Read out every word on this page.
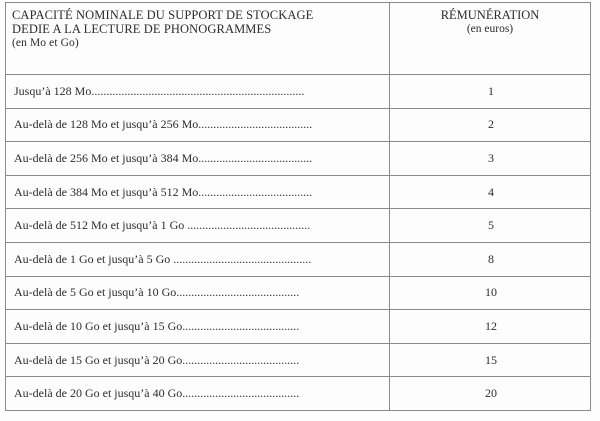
CAPACITÉ NOMINALE DU SUPPORT DE STOCKAGE
DEDIE A LA LECTURE DE PHONOGRAMMES
(en Mo et Go)	RÉMUNÉRATION
(en euros)

Jusqu’à 128 Mo.......................................................................	1
Au-delà de 128 Mo et jusqu’à 256 Mo......................................	2
Au-delà de 256 Mo et jusqu’à 384 Mo......................................	3
Au-delà de 384 Mo et jusqu’à 512 Mo......................................	4
Au-delà de 512 Mo et jusqu’à 1 Go .........................................	5
Au-delà de 1 Go et jusqu’à 5 Go ..............................................	8
Au-delà de 5 Go et jusqu’à 10 Go.........................................	10
Au-delà de 10 Go et jusqu’à 15 Go.......................................	12
Au-delà de 15 Go et jusqu’à 20 Go.......................................	15
Au-delà de 20 Go et jusqu’à 40 Go.......................................	20
